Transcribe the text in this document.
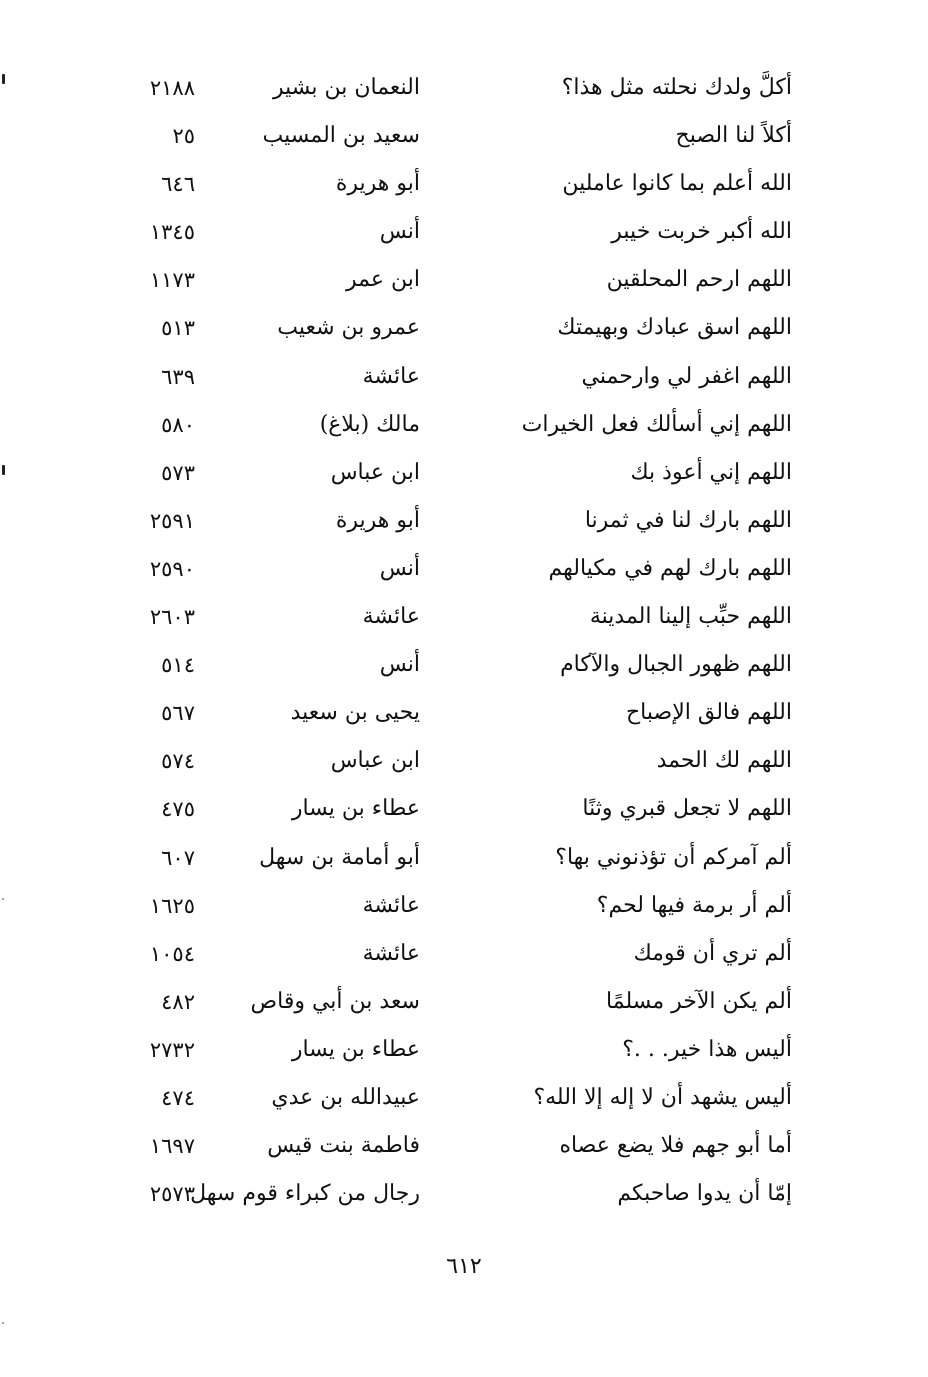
أكلَّ ولدك نحلته مثل هذا؟
النعمان بن بشير
٢١٨٨
أكلاً لنا الصبح
سعيد بن المسيب
٢٥
الله أعلم بما كانوا عاملين
أبو هريرة
٦٤٦
الله أكبر خربت خيبر
أنس
١٣٤٥
اللهم ارحم المحلقين
ابن عمر
١١٧٣
اللهم اسق عبادك وبهيمتك
عمرو بن شعيب
٥١٣
اللهم اغفر لي وارحمني
عائشة
٦٣٩
اللهم إني أسألك فعل الخيرات
مالك (بلاغ)
٥٨٠
اللهم إني أعوذ بك
ابن عباس
٥٧٣
اللهم بارك لنا في ثمرنا
أبو هريرة
٢٥٩١
اللهم بارك لهم في مكيالهم
أنس
٢٥٩٠
اللهم حبِّب إلينا المدينة
عائشة
٢٦٠٣
اللهم ظهور الجبال والآكام
أنس
٥١٤
اللهم فالق الإصباح
يحيى بن سعيد
٥٦٧
اللهم لك الحمد
ابن عباس
٥٧٤
اللهم لا تجعل قبري وثنًا
عطاء بن يسار
٤٧٥
ألم آمركم أن تؤذنوني بها؟
أبو أمامة بن سهل
٦٠٧
ألم أر برمة فيها لحم؟
عائشة
١٦٢٥
ألم تري أن قومك
عائشة
١٠٥٤
ألم يكن الآخر مسلمًا
سعد بن أبي وقاص
٤٨٢
أليس هذا خير. . .؟
عطاء بن يسار
٢٧٣٢
أليس يشهد أن لا إله إلا الله؟
عبيدالله بن عدي
٤٧٤
أما أبو جهم فلا يضع عصاه
فاطمة بنت قيس
١٦٩٧
إمّا أن يدوا صاحبكم
رجال من كبراء قوم سهل
٢٥٧٣
٦١٢
